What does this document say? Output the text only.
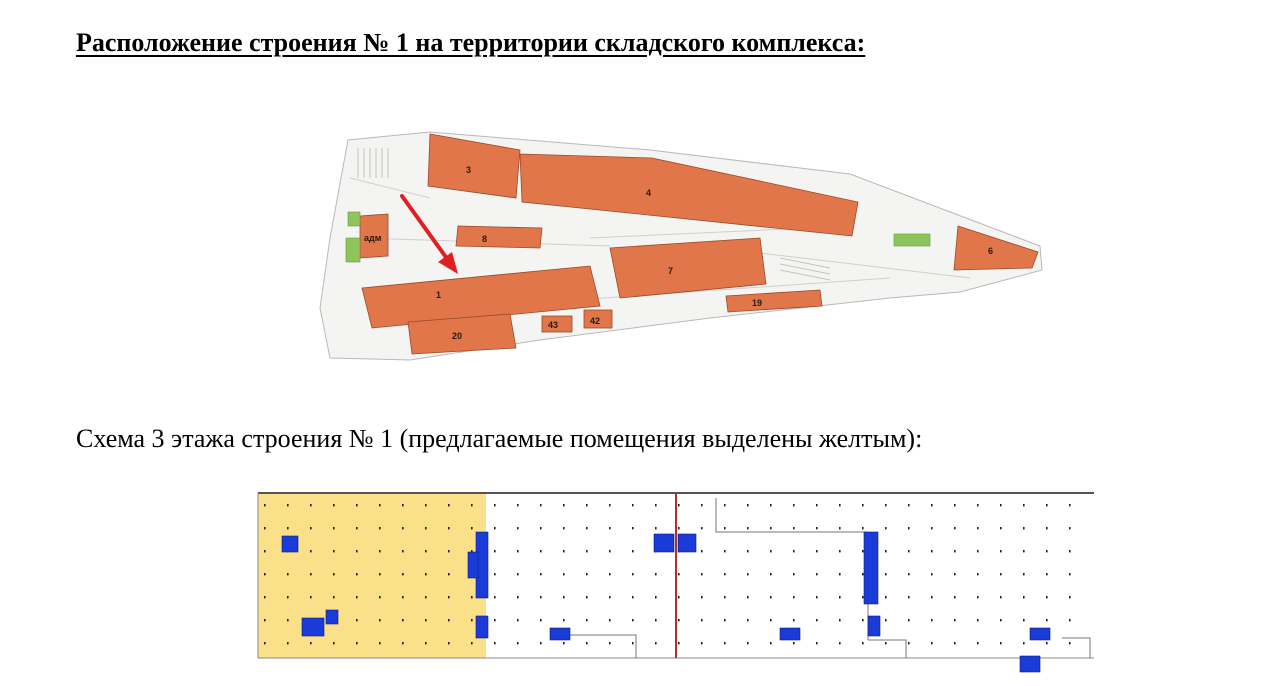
Расположение строения № 1 на территории складского комплекса:
3
4
8
адм
7
1
6
19
20
43	42
Схема 3 этажа строения № 1 (предлагаемые помещения выделены желтым):
